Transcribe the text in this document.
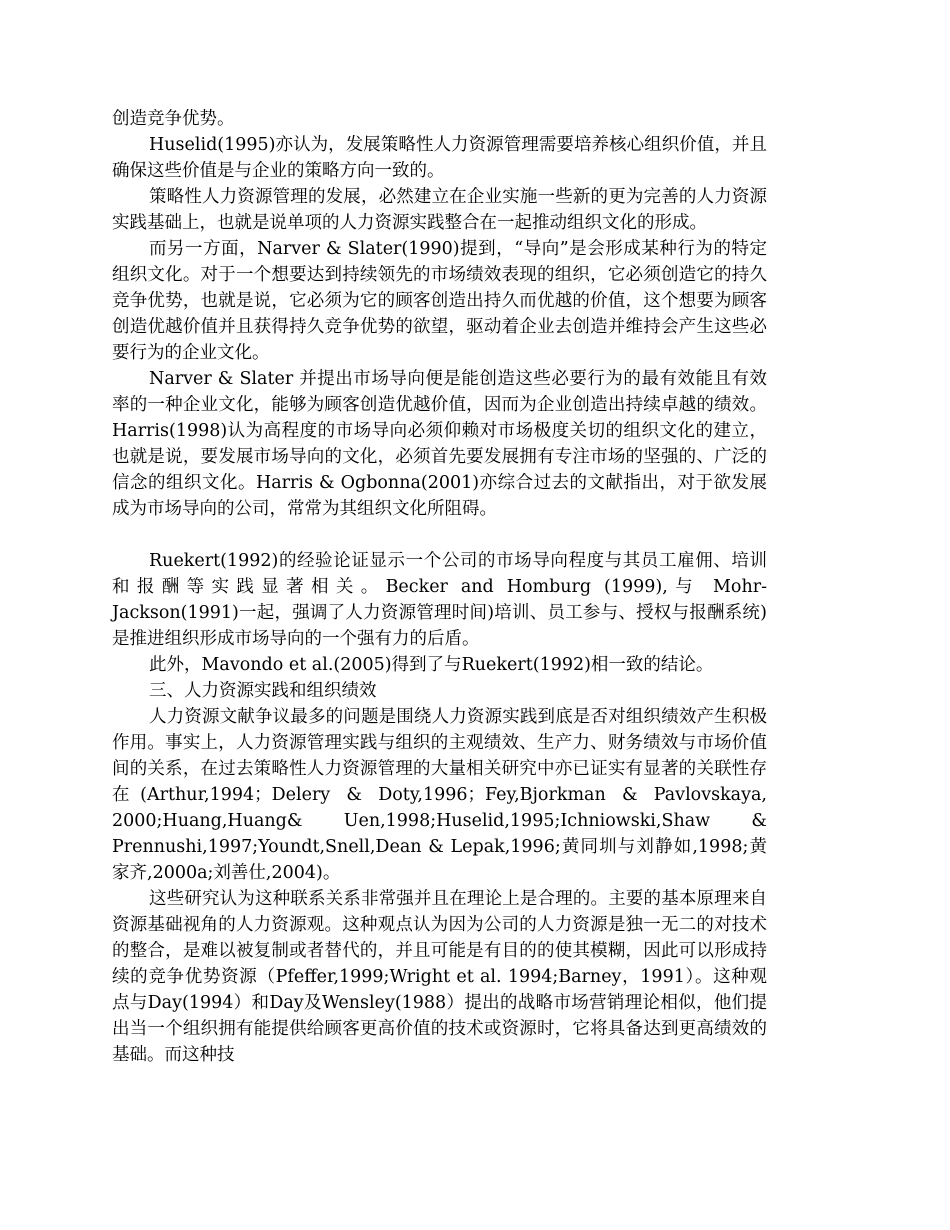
创造竞争优势。

Huselid(1995)亦认为，发展策略性人力资源管理需要培养核心组织价值，并且确保这些价值是与企业的策略方向一致的。

策略性人力资源管理的发展，必然建立在企业实施一些新的更为完善的人力资源实践基础上，也就是说单项的人力资源实践整合在一起推动组织文化的形成。

而另一方面，Narver & Slater(1990)提到，“导向”是会形成某种行为的特定组织文化。对于一个想要达到持续领先的市场绩效表现的组织，它必须创造它的持久竞争优势，也就是说，它必须为它的顾客创造出持久而优越的价值，这个想要为顾客创造优越价值并且获得持久竞争优势的欲望，驱动着企业去创造并维持会产生这些必要行为的企业文化。

Narver & Slater 并提出市场导向便是能创造这些必要行为的最有效能且有效率的一种企业文化，能够为顾客创造优越价值，因而为企业创造出持续卓越的绩效。Harris(1998)认为高程度的市场导向必须仰赖对市场极度关切的组织文化的建立，也就是说，要发展市场导向的文化，必须首先要发展拥有专注市场的坚强的、广泛的信念的组织文化。Harris & Ogbonna(2001)亦综合过去的文献指出，对于欲发展成为市场导向的公司，常常为其组织文化所阻碍。

Ruekert(1992)的经验论证显示一个公司的市场导向程度与其员工雇佣、培训和报酬等实践显著相关。Becker and Homburg (1999),与 Mohr-Jackson(1991)一起，强调了人力资源管理时间)培训、员工参与、授权与报酬系统)是推进组织形成市场导向的一个强有力的后盾。

此外，Mavondo et al.(2005)得到了与Ruekert(1992)相一致的结论。

三、人力资源实践和组织绩效

人力资源文献争议最多的问题是围绕人力资源实践到底是否对组织绩效产生积极作用。事实上，人力资源管理实践与组织的主观绩效、生产力、财务绩效与市场价值间的关系，在过去策略性人力资源管理的大量相关研究中亦已证实有显著的关联性存在(Arthur,1994；Delery & Doty,1996；Fey,Bjorkman & Pavlovskaya, 2000;Huang,Huang& Uen,1998;Huselid,1995;Ichniowski,Shaw & Prennushi,1997;Youndt,Snell,Dean & Lepak,1996;黄同圳与刘静如,1998;黄家齐,2000a;刘善仕,2004)。

这些研究认为这种联系关系非常强并且在理论上是合理的。主要的基本原理来自资源基础视角的人力资源观。这种观点认为因为公司的人力资源是独一无二的对技术的整合，是难以被复制或者替代的，并且可能是有目的的使其模糊，因此可以形成持续的竞争优势资源（Pfeffer,1999;Wright et al. 1994;Barney，1991）。这种观点与Day(1994）和Day及Wensley(1988）提出的战略市场营销理论相似，他们提出当一个组织拥有能提供给顾客更高价值的技术或资源时，它将具备达到更高绩效的基础。而这种技
